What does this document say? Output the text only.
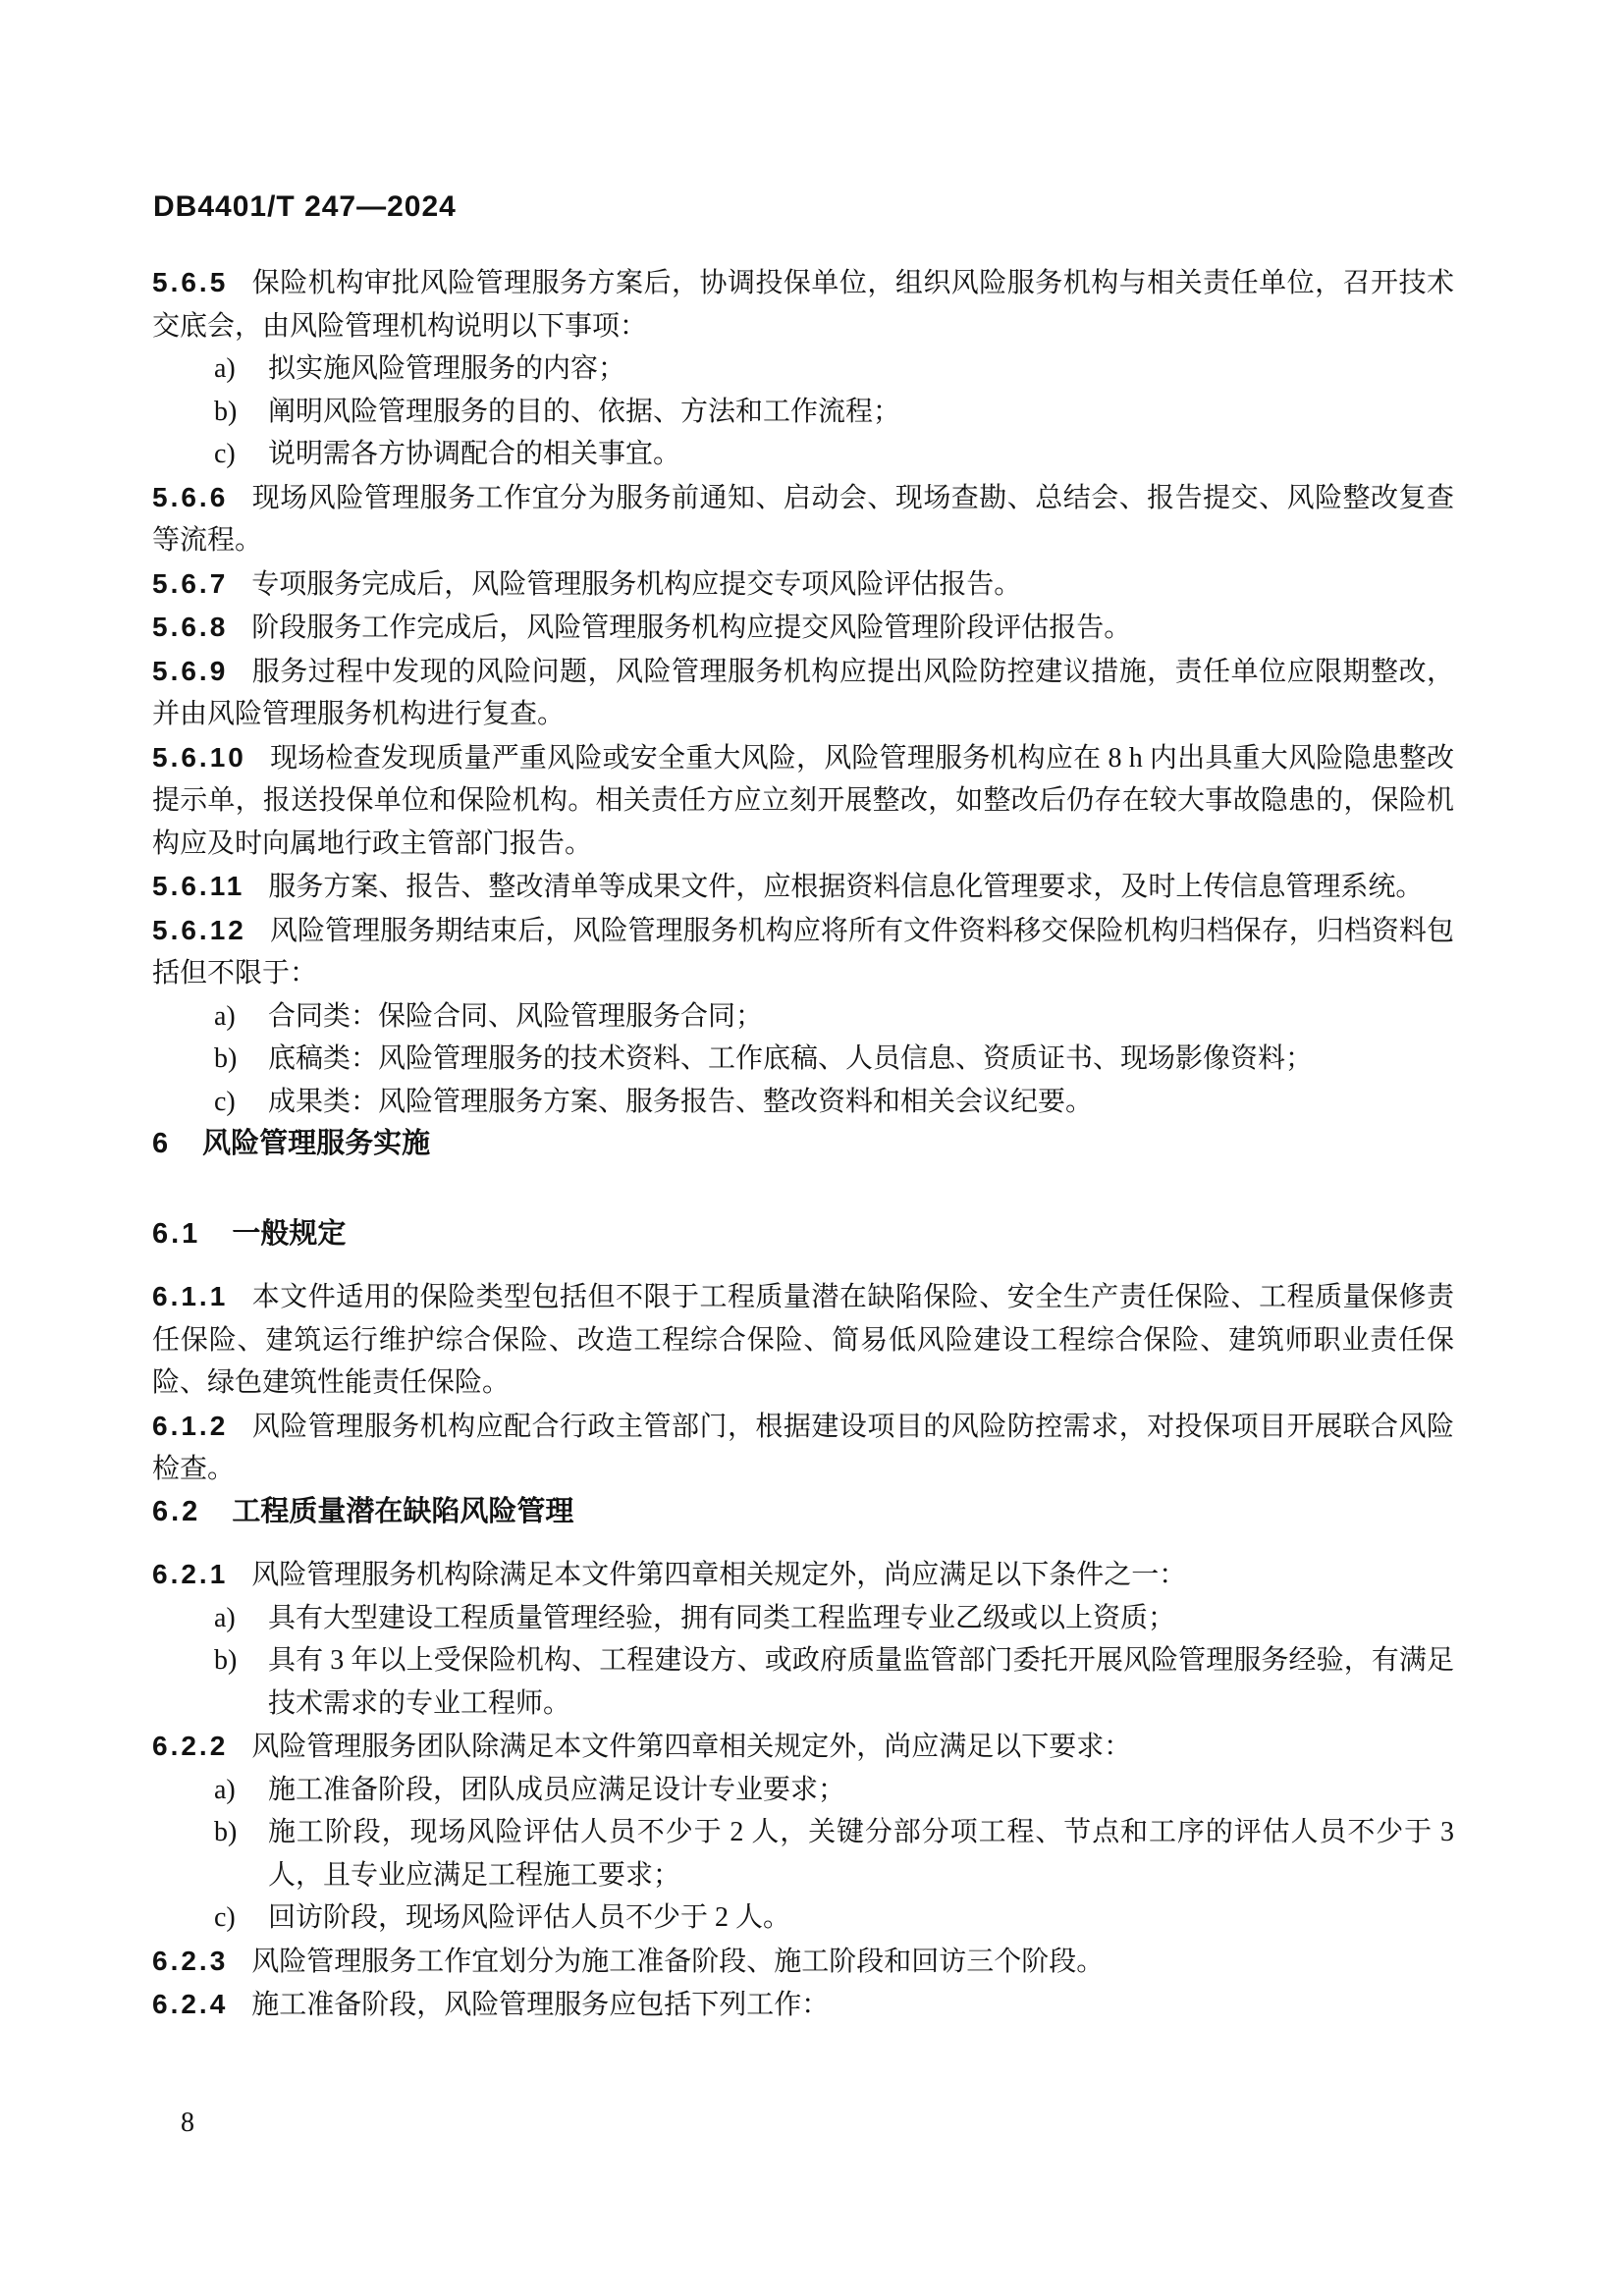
DB4401/T 247—2024

5.6.5 保险机构审批风险管理服务方案后，协调投保单位，组织风险服务机构与相关责任单位，召开技术交底会，由风险管理机构说明以下事项：

a) 拟实施风险管理服务的内容；

b) 阐明风险管理服务的目的、依据、方法和工作流程；

c) 说明需各方协调配合的相关事宜。

5.6.6 现场风险管理服务工作宜分为服务前通知、启动会、现场查勘、总结会、报告提交、风险整改复查等流程。

5.6.7 专项服务完成后，风险管理服务机构应提交专项风险评估报告。

5.6.8 阶段服务工作完成后，风险管理服务机构应提交风险管理阶段评估报告。

5.6.9 服务过程中发现的风险问题，风险管理服务机构应提出风险防控建议措施，责任单位应限期整改，并由风险管理服务机构进行复查。

5.6.10 现场检查发现质量严重风险或安全重大风险，风险管理服务机构应在 8 h 内出具重大风险隐患整改提示单，报送投保单位和保险机构。相关责任方应立刻开展整改，如整改后仍存在较大事故隐患的，保险机构应及时向属地行政主管部门报告。

5.6.11 服务方案、报告、整改清单等成果文件，应根据资料信息化管理要求，及时上传信息管理系统。

5.6.12 风险管理服务期结束后，风险管理服务机构应将所有文件资料移交保险机构归档保存，归档资料包括但不限于：

a) 合同类：保险合同、风险管理服务合同；

b) 底稿类：风险管理服务的技术资料、工作底稿、人员信息、资质证书、现场影像资料；

c) 成果类：风险管理服务方案、服务报告、整改资料和相关会议纪要。

6 风险管理服务实施

6.1 一般规定

6.1.1 本文件适用的保险类型包括但不限于工程质量潜在缺陷保险、安全生产责任保险、工程质量保修责任保险、建筑运行维护综合保险、改造工程综合保险、简易低风险建设工程综合保险、建筑师职业责任保险、绿色建筑性能责任保险。

6.1.2 风险管理服务机构应配合行政主管部门，根据建设项目的风险防控需求，对投保项目开展联合风险检查。

6.2 工程质量潜在缺陷风险管理

6.2.1 风险管理服务机构除满足本文件第四章相关规定外，尚应满足以下条件之一：

a) 具有大型建设工程质量管理经验，拥有同类工程监理专业乙级或以上资质；

b) 具有 3 年以上受保险机构、工程建设方、或政府质量监管部门委托开展风险管理服务经验，有满足技术需求的专业工程师。

6.2.2 风险管理服务团队除满足本文件第四章相关规定外，尚应满足以下要求：

a) 施工准备阶段，团队成员应满足设计专业要求；

b) 施工阶段，现场风险评估人员不少于 2 人，关键分部分项工程、节点和工序的评估人员不少于 3 人，且专业应满足工程施工要求；

c) 回访阶段，现场风险评估人员不少于 2 人。

6.2.3 风险管理服务工作宜划分为施工准备阶段、施工阶段和回访三个阶段。

6.2.4 施工准备阶段，风险管理服务应包括下列工作：

8
